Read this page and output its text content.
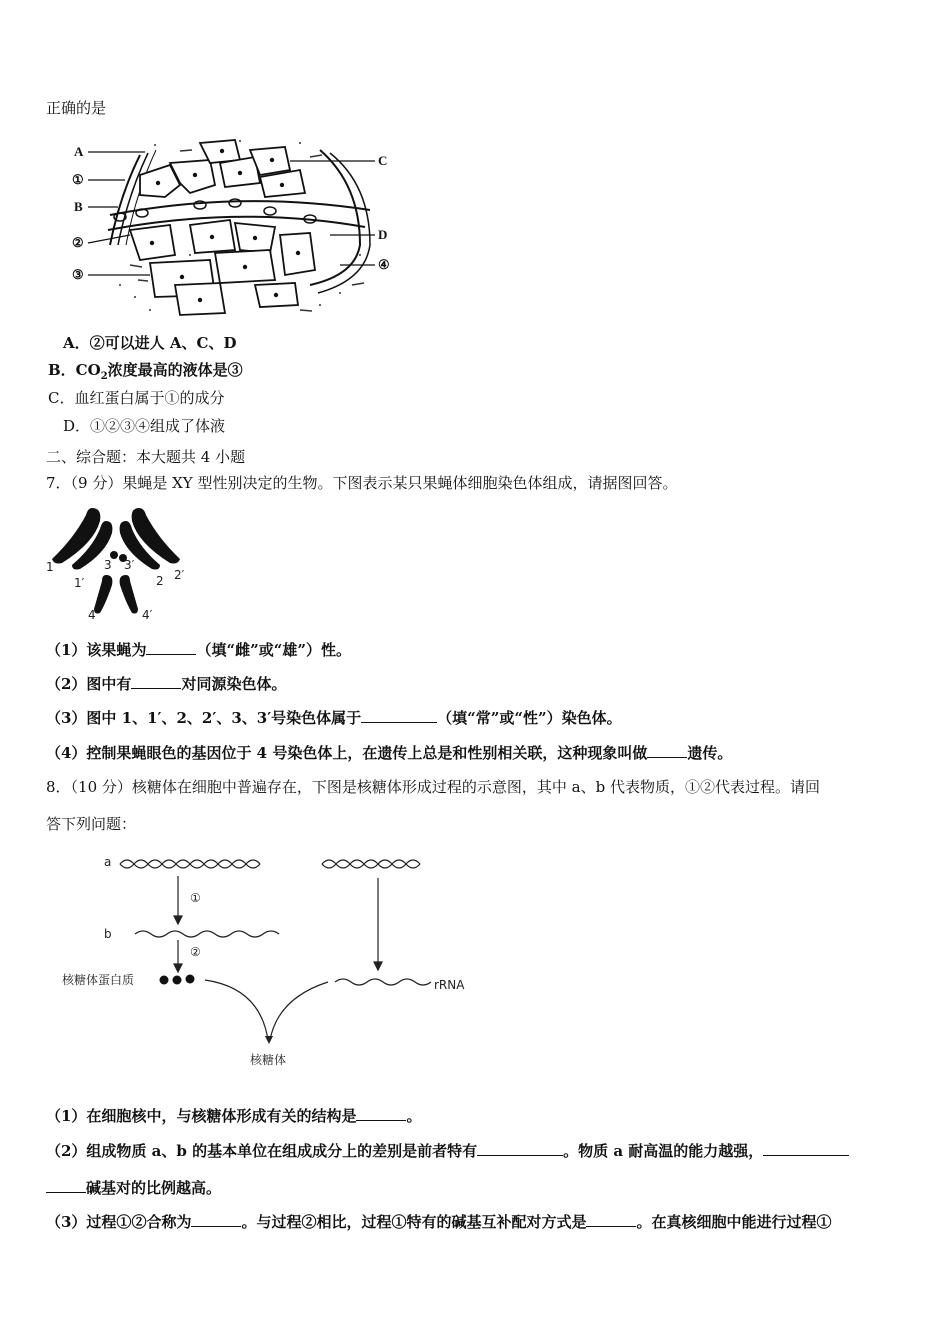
正确的是
A
①
B
②
③
C
D
④
A．②可以进人 A、C、D
B．$CO_2$浓度最高的液体是③
C．血红蛋白属于①的成分
D．①②③④组成了体液
二、综合题：本大题共 4 小题
7．（9 分）果蝇是 XY 型性别决定的生物。下图表示某只果蝇体细胞染色体组成，请据图回答。
1	3 3′
2′
1′	2
4	4′
（1）该果蝇为	（填“雌”或“雄”）性。
（2）图中有	对同源染色体。
（3）图中 1、1′、2、2′、3、3′号染色体属于	（填“常”或“性”）染色体。
（4）控制果蝇眼色的基因位于 4 号染色体上，在遗传上总是和性别相关联，这种现象叫做	遗传。
8．（10 分）核糖体在细胞中普遍存在，下图是核糖体形成过程的示意图，其中 a、b 代表物质，①②代表过程。请回
答下列问题：
a
①
②
b
核糖体蛋白质	rRNA
核糖体
（1）在细胞核中，与核糖体形成有关的结构是	。
（2）组成物质 a、b 的基本单位在组成成分上的差别是前者特有	。物质 a 耐高温的能力越强，
碱基对的比例越高。
（3）过程①②合称为	。与过程②相比，过程①特有的碱基互补配对方式是	。在真核细胞中能进行过程①
